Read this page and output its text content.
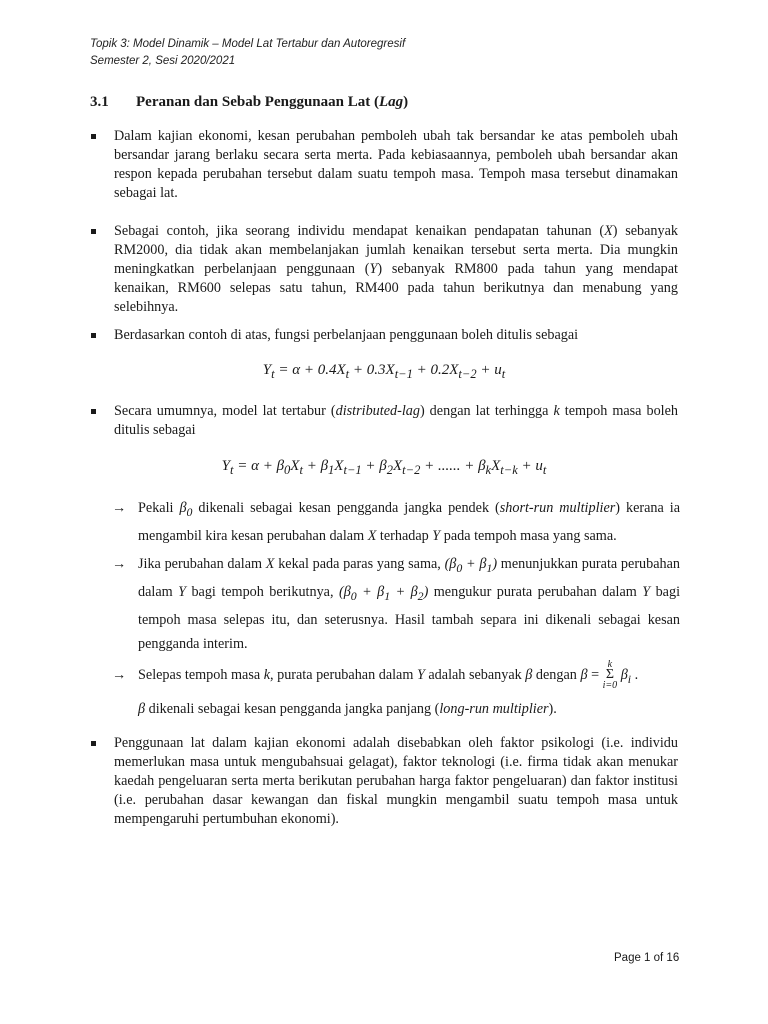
Topik 3: Model Dinamik – Model Lat Tertabur dan Autoregresif
Semester 2, Sesi 2020/2021
3.1 Peranan dan Sebab Penggunaan Lat (Lag)
Dalam kajian ekonomi, kesan perubahan pemboleh ubah tak bersandar ke atas pemboleh ubah bersandar jarang berlaku secara serta merta. Pada kebiasaannya, pemboleh ubah bersandar akan respon kepada perubahan tersebut dalam suatu tempoh masa. Tempoh masa tersebut dinamakan sebagai lat.
Sebagai contoh, jika seorang individu mendapat kenaikan pendapatan tahunan (X) sebanyak RM2000, dia tidak akan membelanjakan jumlah kenaikan tersebut serta merta. Dia mungkin meningkatkan perbelanjaan penggunaan (Y) sebanyak RM800 pada tahun yang mendapat kenaikan, RM600 selepas satu tahun, RM400 pada tahun berikutnya dan menabung yang selebihnya.
Berdasarkan contoh di atas, fungsi perbelanjaan penggunaan boleh ditulis sebagai
$Y_t = \alpha + 0.4X_t + 0.3X_{t-1} + 0.2X_{t-2} + u_t$
Secara umumnya, model lat tertabur (distributed-lag) dengan lat terhingga k tempoh masa boleh ditulis sebagai
$Y_t = \alpha + \beta_0X_t + \beta_1X_{t-1} + \beta_2X_{t-2}$ + ...... + $\beta_kX_{t-k} + u_t$
→ Pekali $\beta_0$ dikenali sebagai kesan pengganda jangka pendek (short-run multiplier) kerana ia mengambil kira kesan perubahan dalam X terhadap Y pada tempoh masa yang sama.
→ Jika perubahan dalam X kekal pada paras yang sama, $(\beta_0 + \beta_1)$ menunjukkan purata perubahan dalam Y bagi tempoh berikutnya, $(\beta_0 + \beta_1 + \beta_2)$ mengukur purata perubahan dalam Y bagi tempoh masa selepas itu, dan seterusnya. Hasil tambah separa ini dikenali sebagai kesan pengganda interim.
→ Selepas tempoh masa k, purata perubahan dalam Y adalah sebanyak β dengan β = k
Σ
i=0 $\beta_i$ .
β dikenali sebagai kesan pengganda jangka panjang (long-run multiplier).
Penggunaan lat dalam kajian ekonomi adalah disebabkan oleh faktor psikologi (i.e. individu memerlukan masa untuk mengubahsuai gelagat), faktor teknologi (i.e. firma tidak akan menukar kaedah pengeluaran serta merta berikutan perubahan harga faktor pengeluaran) dan faktor institusi (i.e. perubahan dasar kewangan dan fiskal mungkin mengambil suatu tempoh masa untuk mempengaruhi pertumbuhan ekonomi).
Page 1 of 16
